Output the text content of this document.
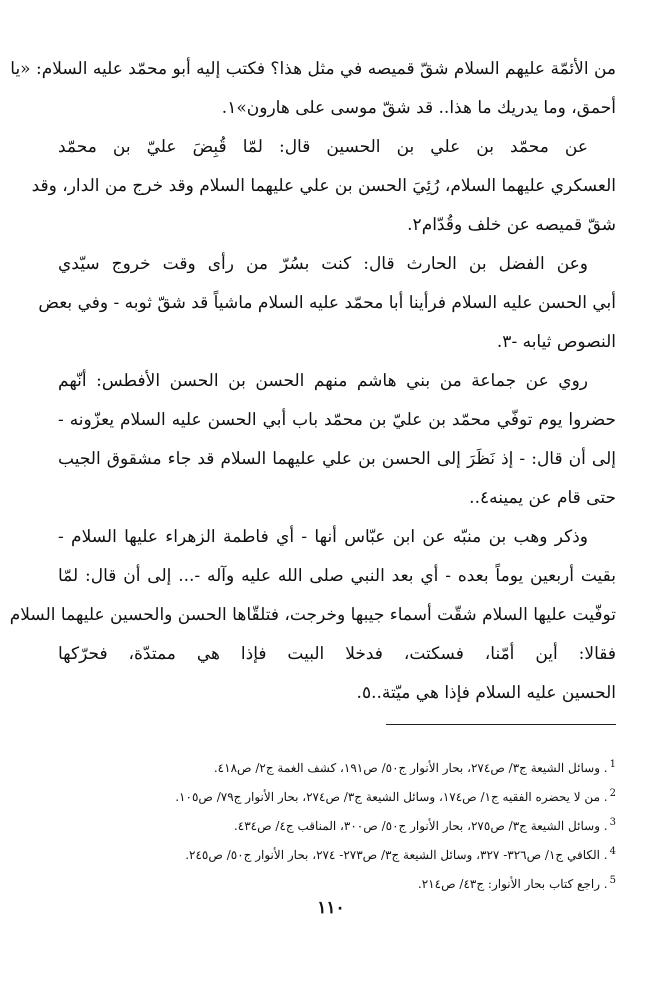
من الأئمّة عليهم السلام شقّ قميصه في مثل هذا؟ فكتب إليه أبو محمّد عليه السلام: «يا
أحمق، وما يدريك ما هذا.. قد شقّ موسى على هارون»١.

عن محمّد بن علي بن الحسين قال: لمّا قُبِضَ عليّ بن محمّد
العسكري عليهما السلام، رُئِيَ الحسن بن علي عليهما السلام وقد خرج من الدار، وقد
شقّ قميصه عن خلف وقُدّام٢.

وعن الفضل بن الحارث قال: كنت بسُرّ من رأى وقت خروج سيّدي
أبي الحسن عليه السلام فرأينا أبا محمّد عليه السلام ماشياً قد شقّ ثوبه - وفي بعض
النصوص ثيابه -٣.

روي عن جماعة من بني هاشم منهم الحسن بن الحسن الأفطس: أنّهم
حضروا يوم توفّي محمّد بن عليّ بن محمّد باب أبي الحسن عليه السلام يعزّونه -
إلى أن قال: - إذ نَظَرَ إلى الحسن بن علي عليهما السلام قد جاء مشقوق الجيب
حتى قام عن يمينه٤..

وذكر وهب بن منبّه عن ابن عبّاس أنها - أي فاطمة الزهراء عليها السلام -
بقيت أربعين يوماً بعده - أي بعد النبي صلى الله عليه وآله -... إلى أن قال: لمّا
توفّيت عليها السلام شقّت أسماء جيبها وخرجت، فتلقّاها الحسن والحسين عليهما السلام
فقالا: أين أمّنا، فسكتت، فدخلا البيت فإذا هي ممتدّة، فحرّكها
الحسين عليه السلام فإذا هي ميّتة..٥.

$^1$. وسائل الشيعة ج٣/ ص٢٧٤، بحار الأنوار ج٥٠/ ص١٩١، كشف الغمة ج٢/ ص٤١٨.
$^2$. من لا يحضره الفقيه ج١/ ص١٧٤، وسائل الشيعة ج٣/ ص٢٧٤، بحار الأنوار ج٧٩/ ص١٠٥.
$^3$. وسائل الشيعة ج٣/ ص٢٧٥، بحار الأنوار ج٥٠/ ص٣٠٠، المناقب ج٤/ ص٤٣٤.
$^4$. الكافي ج١/ ص٣٢٦- ٣٢٧، وسائل الشيعة ج٣/ ص٢٧٣- ٢٧٤، بحار الأنوار ج٥٠/ ص٢٤٥.
$^5$. راجع كتاب بحار الأنوار: ج٤٣/ ص٢١٤.
١١٠
